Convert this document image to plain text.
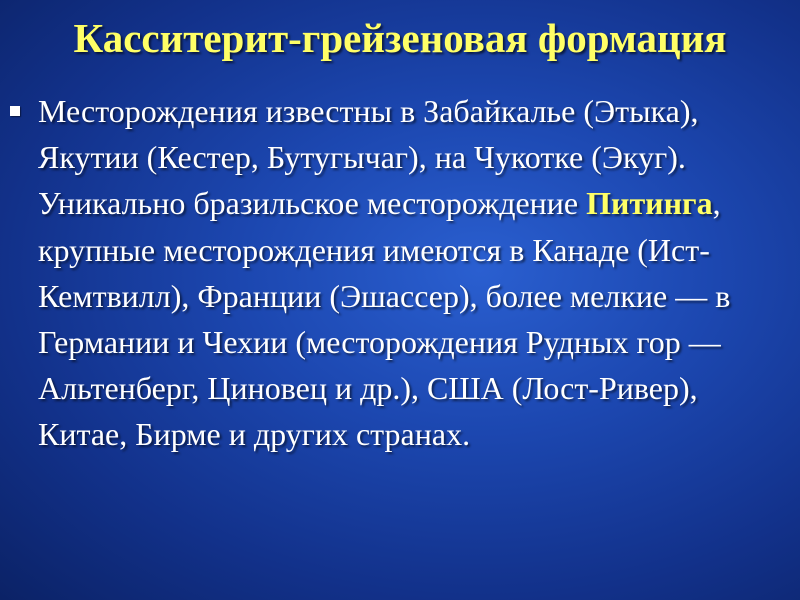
Касситерит-грейзеновая формация
Месторождения известны в Забайкалье (Этыка), Якутии (Кестер, Бутугычаг), на Чукотке (Экуг). Уникально бразильское месторождение Питинга, крупные месторождения имеются в Канаде (Ист-Кемтвилл), Франции (Эшассер), более мелкие — в Германии и Чехии (месторождения Рудных гор — Альтенберг, Циновец и др.), США (Лост-Ривер), Китае, Бирме и других странах.
